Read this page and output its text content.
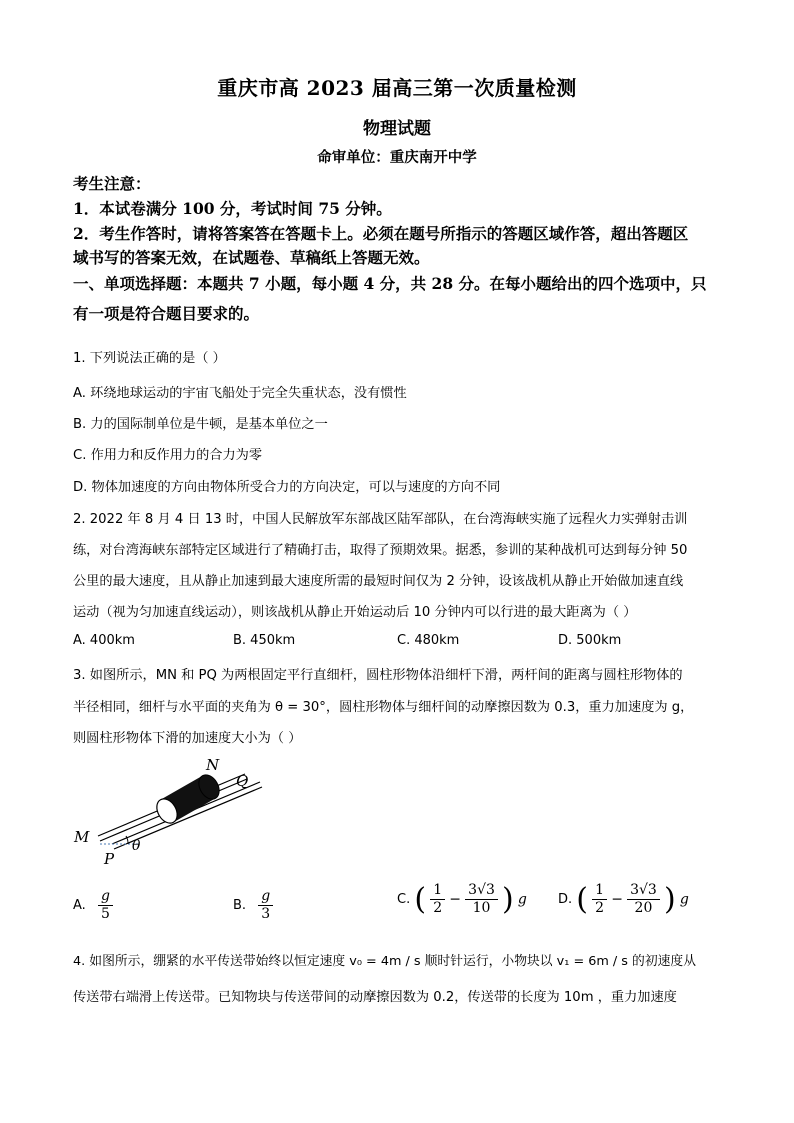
重庆市高 2023 届高三第一次质量检测
物理试题
命审单位：重庆南开中学
考生注意：
1．本试卷满分 100 分，考试时间 75 分钟。
2．考生作答时，请将答案答在答题卡上。必须在题号所指示的答题区域作答，超出答题区
域书写的答案无效，在试题卷、草稿纸上答题无效。
一、单项选择题：本题共 7 小题，每小题 4 分，共 28 分。在每小题给出的四个选项中，只
有一项是符合题目要求的。
1. 下列说法正确的是（ ）
A. 环绕地球运动的宇宙飞船处于完全失重状态，没有惯性
B. 力的国际制单位是牛顿，是基本单位之一
C. 作用力和反作用力的合力为零
D. 物体加速度的方向由物体所受合力的方向决定，可以与速度的方向不同
2. 2022 年 8 月 4 日 13 时，中国人民解放军东部战区陆军部队，在台湾海峡实施了远程火力实弹射击训
练，对台湾海峡东部特定区域进行了精确打击，取得了预期效果。据悉，参训的某种战机可达到每分钟 50
公里的最大速度，且从静止加速到最大速度所需的最短时间仅为 2 分钟，设该战机从静止开始做加速直线
运动（视为匀加速直线运动），则该战机从静止开始运动后 10 分钟内可以行进的最大距离为（ ）
A. 400km	B. 450km	C. 480km	D. 500km
3. 如图所示，MN 和 PQ 为两根固定平行直细杆，圆柱形物体沿细杆下滑，两杆间的距离与圆柱形物体的
半径相同，细杆与水平面的夹角为 θ = 30°，圆柱形物体与细杆间的动摩擦因数为 0.3，重力加速度为 g，
则圆柱形物体下滑的加速度大小为（ ）
M
P
N
Q
θ
A. $\frac{g}{5}$	B. $\frac{g}{3}$	C. ( $\frac{1}{2} - \frac{3√3}{10}$ ) g D. ( $\frac{1}{2} - \frac{3√3}{20}$ ) g
4. 如图所示，绷紧的水平传送带始终以恒定速度 v₀ = 4m / s 顺时针运行，小物块以 v₁ = 6m / s 的初速度从
传送带右端滑上传送带。已知物块与传送带间的动摩擦因数为 0.2，传送带的长度为 10m ，重力加速度
